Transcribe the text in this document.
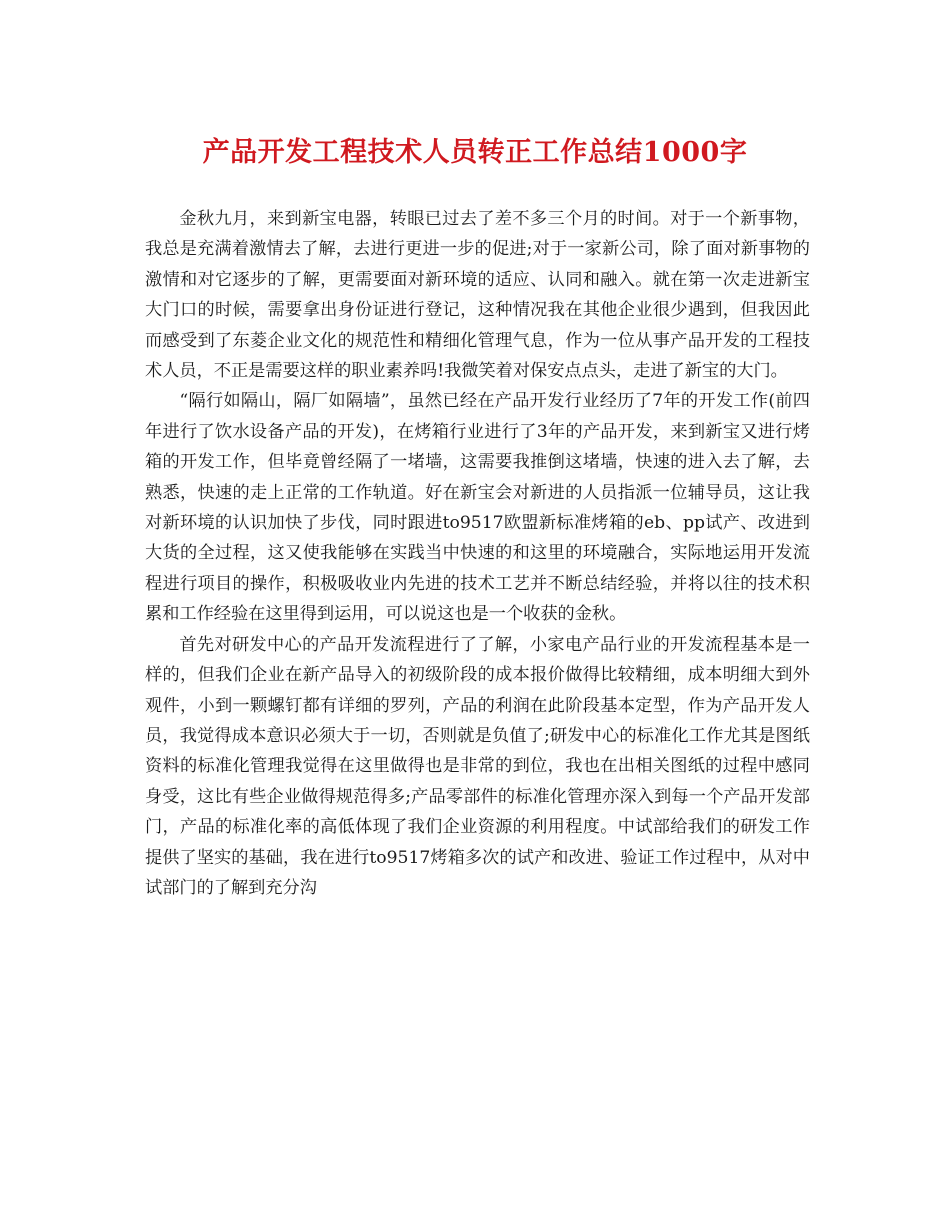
产品开发工程技术人员转正工作总结1000字

金秋九月，来到新宝电器，转眼已过去了差不多三个月的时间。对于一个新事物，我总是充满着激情去了解，去进行更进一步的促进;对于一家新公司，除了面对新事物的激情和对它逐步的了解，更需要面对新环境的适应、认同和融入。就在第一次走进新宝大门口的时候，需要拿出身份证进行登记，这种情况我在其他企业很少遇到，但我因此而感受到了东菱企业文化的规范性和精细化管理气息，作为一位从事产品开发的工程技术人员，不正是需要这样的职业素养吗!我微笑着对保安点点头，走进了新宝的大门。

“隔行如隔山，隔厂如隔墙”，虽然已经在产品开发行业经历了7年的开发工作(前四年进行了饮水设备产品的开发)，在烤箱行业进行了3年的产品开发，来到新宝又进行烤箱的开发工作，但毕竟曾经隔了一堵墙，这需要我推倒这堵墙，快速的进入去了解，去熟悉，快速的走上正常的工作轨道。好在新宝会对新进的人员指派一位辅导员，这让我对新环境的认识加快了步伐，同时跟进to9517欧盟新标准烤箱的eb、pp试产、改进到大货的全过程，这又使我能够在实践当中快速的和这里的环境融合，实际地运用开发流程进行项目的操作，积极吸收业内先进的技术工艺并不断总结经验，并将以往的技术积累和工作经验在这里得到运用，可以说这也是一个收获的金秋。

首先对研发中心的产品开发流程进行了了解，小家电产品行业的开发流程基本是一样的，但我们企业在新产品导入的初级阶段的成本报价做得比较精细，成本明细大到外观件，小到一颗螺钉都有详细的罗列，产品的利润在此阶段基本定型，作为产品开发人员，我觉得成本意识必须大于一切，否则就是负值了;研发中心的标准化工作尤其是图纸资料的标准化管理我觉得在这里做得也是非常的到位，我也在出相关图纸的过程中感同身受，这比有些企业做得规范得多;产品零部件的标准化管理亦深入到每一个产品开发部门，产品的标准化率的高低体现了我们企业资源的利用程度。中试部给我们的研发工作提供了坚实的基础，我在进行to9517烤箱多次的试产和改进、验证工作过程中，从对中试部门的了解到充分沟
